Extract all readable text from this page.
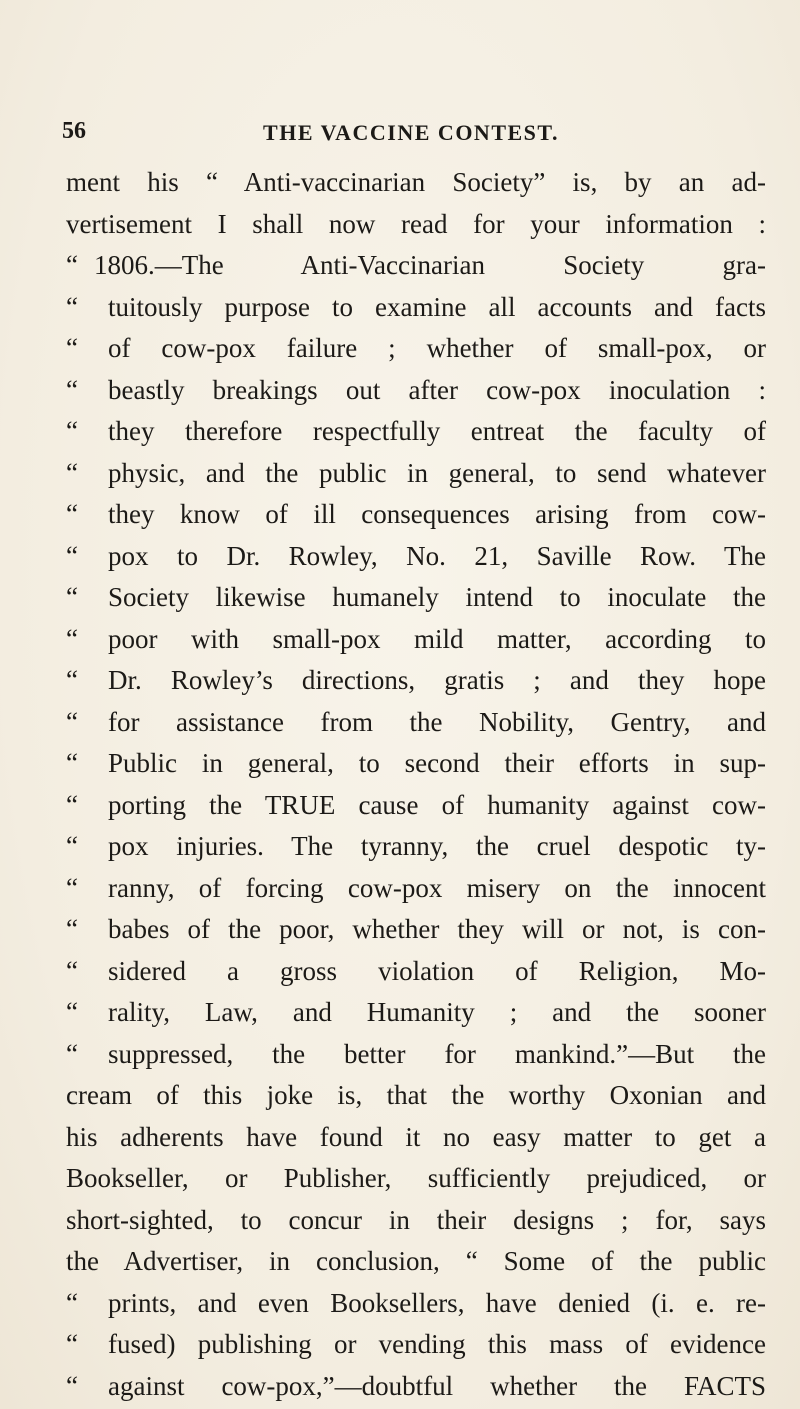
56	THE VACCINE CONTEST.
ment his “ Anti-vaccinarian Society” is, by an ad-
vertisement I shall now read for your information :
“ 1806.—The Anti-Vaccinarian Society gra-
“ tuitously purpose to examine all accounts and facts
“ of cow-pox failure ; whether of small-pox, or
“ beastly breakings out after cow-pox inoculation :
“ they therefore respectfully entreat the faculty of
“ physic, and the public in general, to send whatever
“ they know of ill consequences arising from cow-
“ pox to Dr. Rowley, No. 21, Saville Row. The
“ Society likewise humanely intend to inoculate the
“ poor with small-pox mild matter, according to
“ Dr. Rowley’s directions, gratis ; and they hope
“ for assistance from the Nobility, Gentry, and
“ Public in general, to second their efforts in sup-
“ porting the TRUE cause of humanity against cow-
“ pox injuries. The tyranny, the cruel despotic ty-
“ ranny, of forcing cow-pox misery on the innocent
“ babes of the poor, whether they will or not, is con-
“ sidered a gross violation of Religion, Mo-
“ rality, Law, and Humanity ; and the sooner
“ suppressed, the better for mankind.”—But the
cream of this joke is, that the worthy Oxonian and
his adherents have found it no easy matter to get a
Bookseller, or Publisher, sufficiently prejudiced, or
short-sighted, to concur in their designs ; for, says
the Advertiser, in conclusion, “ Some of the public
“ prints, and even Booksellers, have denied (i. e. re-
“ fused) publishing or vending this mass of evidence
“ against cow-pox,”—doubtful whether the FACTS
